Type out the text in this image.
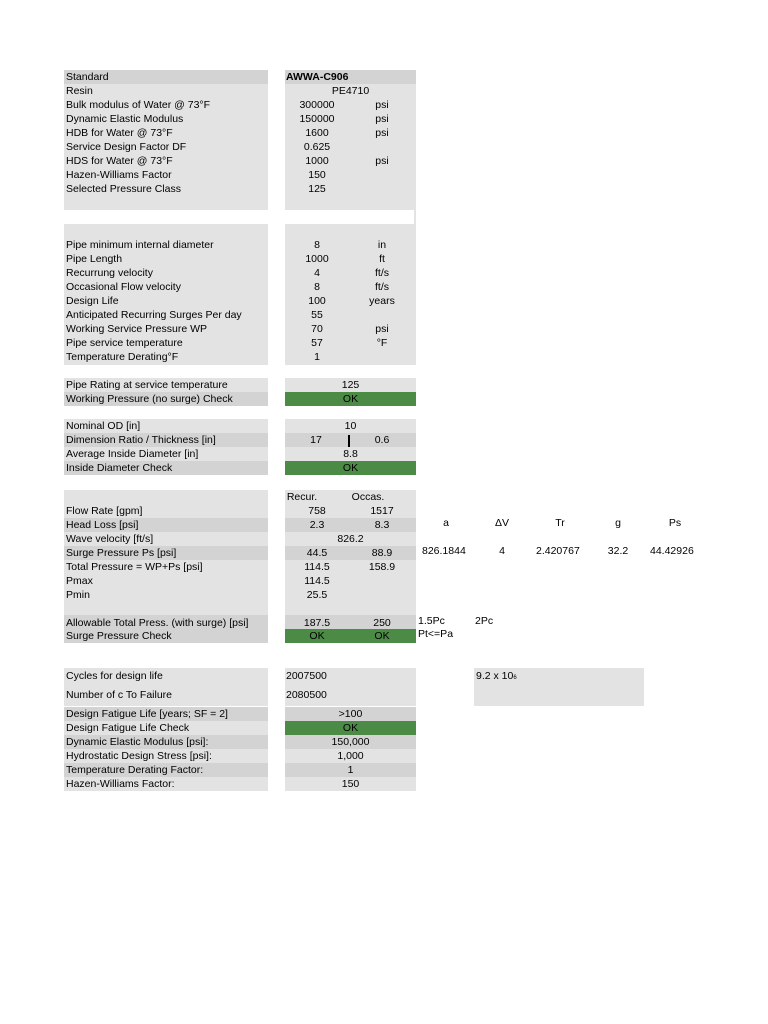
Standard	AWWA-C906
Resin	PE4710
Bulk modulus of Water @ 73°F	300000	psi
Dynamic Elastic Modulus	150000	psi
HDB for Water @ 73°F	1600	psi
Service Design Factor DF	0.625
HDS for Water @ 73°F	1000	psi
Hazen-Williams Factor	150
Selected Pressure Class	125
Pipe minimum internal diameter	8	in
Pipe Length	1000	ft
Recurrung velocity	4	ft/s
Occasional Flow velocity	8	ft/s
Design Life	100	years
Anticipated Recurring Surges Per day	55
Working Service Pressure WP	70	psi
Pipe service temperature	57	°F
Temperature Derating°F	1
Pipe Rating at service temperature	125
Working Pressure (no surge) Check	OK
Nominal OD [in]	10
Dimension Ratio / Thickness [in]	17	0.6
Average Inside Diameter [in]	8.8
Inside Diameter Check	OK
Recur.	Occas.
Flow Rate [gpm]	758	1517
Head Loss [psi]	2.3	8.3
Wave velocity [ft/s]	826.2
Surge Pressure Ps [psi]	44.5	88.9
Total Pressure = WP+Ps [psi]	114.5	158.9
Pmax	114.5
Pmin	25.5
Allowable Total Press. (with surge) [psi]	187.5	250
Surge Pressure Check	OK	OK
a	ΔV	Tr	g	Ps
826.1844	4	2.420767	32.2	44.42926
1.5Pc	2Pc
Pt<=Pa
Cycles for design life	2007500
Number of c To Failure	2080500
9.2 x 106
Design Fatigue Life [years; SF = 2]	>100
Design Fatigue Life Check	OK
Dynamic Elastic Modulus [psi]:	150,000
Hydrostatic Design Stress [psi]:	1,000
Temperature Derating Factor:	1
Hazen-Williams Factor:	150
